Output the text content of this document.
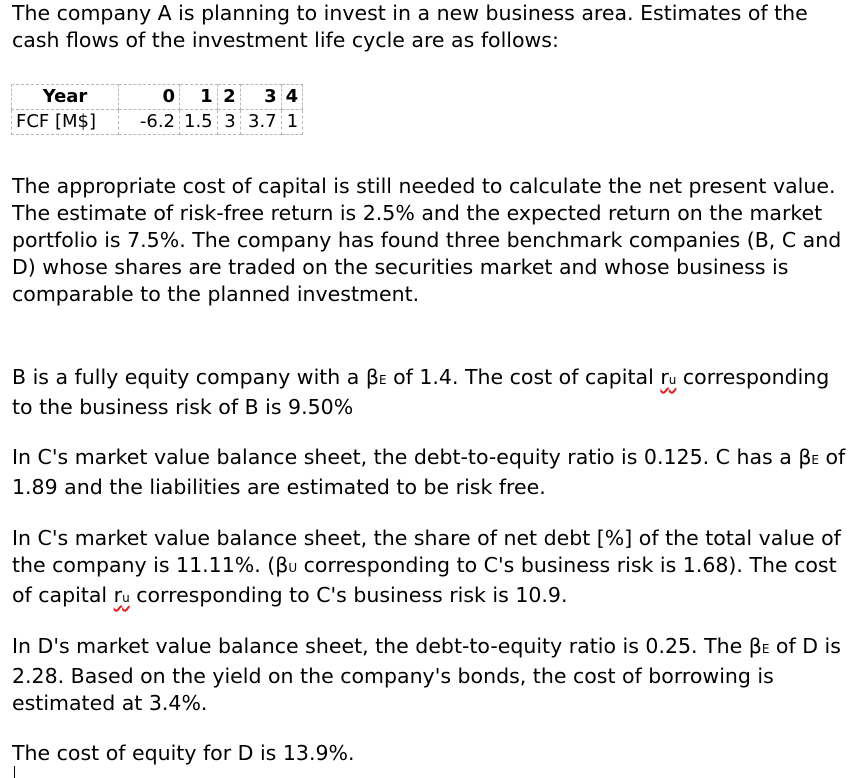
The company A is planning to invest in a new business area. Estimates of the cash flows of the investment life cycle are as follows:

Year	0	1	2	3	4
FCF [M$]	-6.2	1.5	3	3.7	1

The appropriate cost of capital is still needed to calculate the net present value. The estimate of risk-free return is 2.5% and the expected return on the market portfolio is 7.5%. The company has found three benchmark companies (B, C and D) whose shares are traded on the securities market and whose business is comparable to the planned investment.

B is a fully equity company with a βE of 1.4. The cost of capital ru corresponding to the business risk of B is 9.50%

In C's market value balance sheet, the debt-to-equity ratio is 0.125. C has a βE of 1.89 and the liabilities are estimated to be risk free.

In C's market value balance sheet, the share of net debt [%] of the total value of the company is 11.11%. (βU corresponding to C's business risk is 1.68). The cost of capital ru corresponding to C's business risk is 10.9.

In D's market value balance sheet, the debt-to-equity ratio is 0.25. The βE of D is 2.28. Based on the yield on the company's bonds, the cost of borrowing is estimated at 3.4%.

The cost of equity for D is 13.9%.
